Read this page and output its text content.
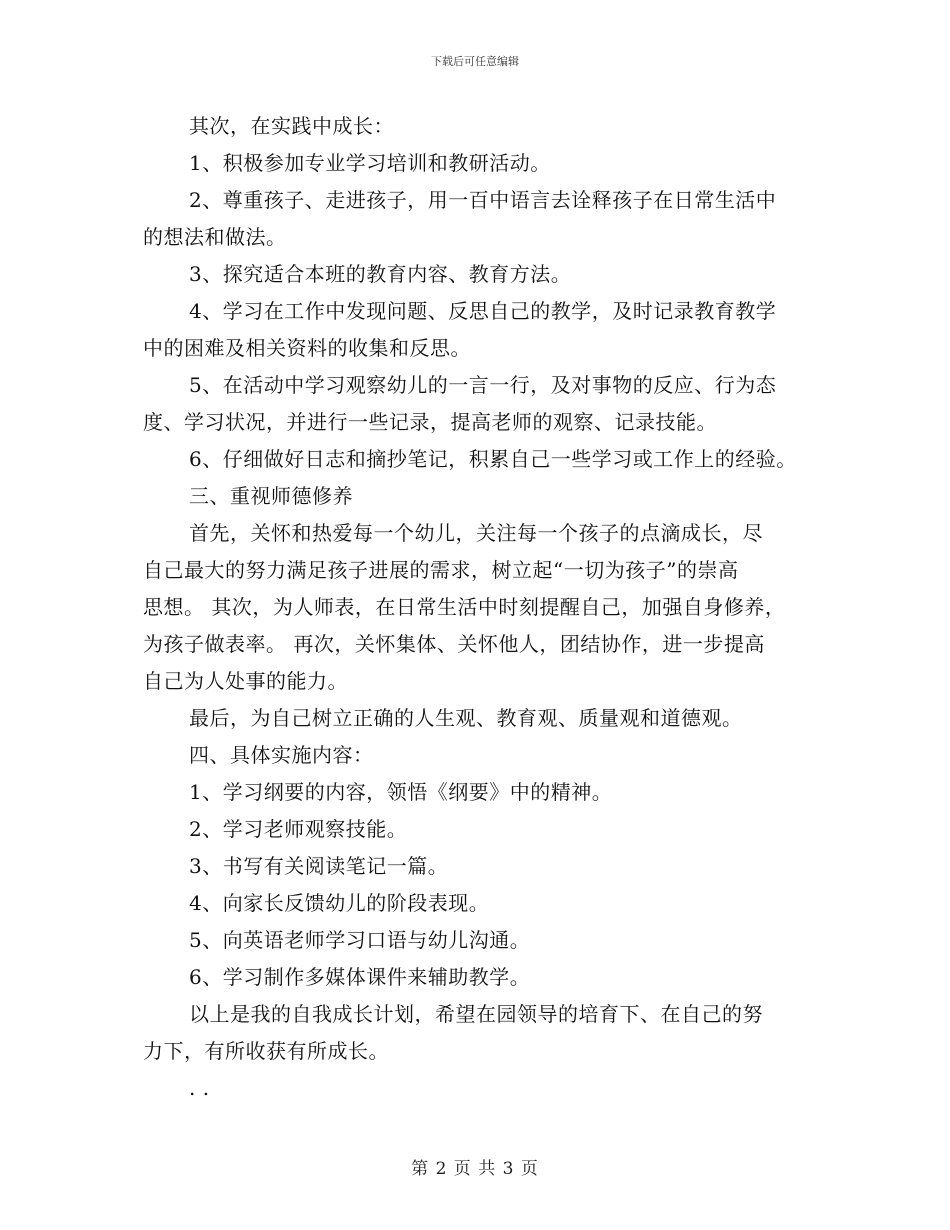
下载后可任意编辑
其次，在实践中成长：
1、积极参加专业学习培训和教研活动。
2、尊重孩子、走进孩子，用一百中语言去诠释孩子在日常生活中
的想法和做法。
3、探究适合本班的教育内容、教育方法。
4、学习在工作中发现问题、反思自己的教学，及时记录教育教学
中的困难及相关资料的收集和反思。
5、在活动中学习观察幼儿的一言一行，及对事物的反应、行为态
度、学习状况，并进行一些记录，提高老师的观察、记录技能。
6、仔细做好日志和摘抄笔记，积累自己一些学习或工作上的经验。
三、重视师德修养
首先，关怀和热爱每一个幼儿，关注每一个孩子的点滴成长，尽
自己最大的努力满足孩子进展的需求，树立起“一切为孩子”的崇高
思想。 其次，为人师表，在日常生活中时刻提醒自己，加强自身修养，
为孩子做表率。 再次，关怀集体、关怀他人，团结协作，进一步提高
自己为人处事的能力。
最后，为自己树立正确的人生观、教育观、质量观和道德观。
四、具体实施内容：
1、学习纲要的内容，领悟《纲要》中的精神。
2、学习老师观察技能。
3、书写有关阅读笔记一篇。
4、向家长反馈幼儿的阶段表现。
5、向英语老师学习口语与幼儿沟通。
6、学习制作多媒体课件来辅助教学。
以上是我的自我成长计划，希望在园领导的培育下、在自己的努
力下，有所收获有所成长。
. .
第 2 页 共 3 页
